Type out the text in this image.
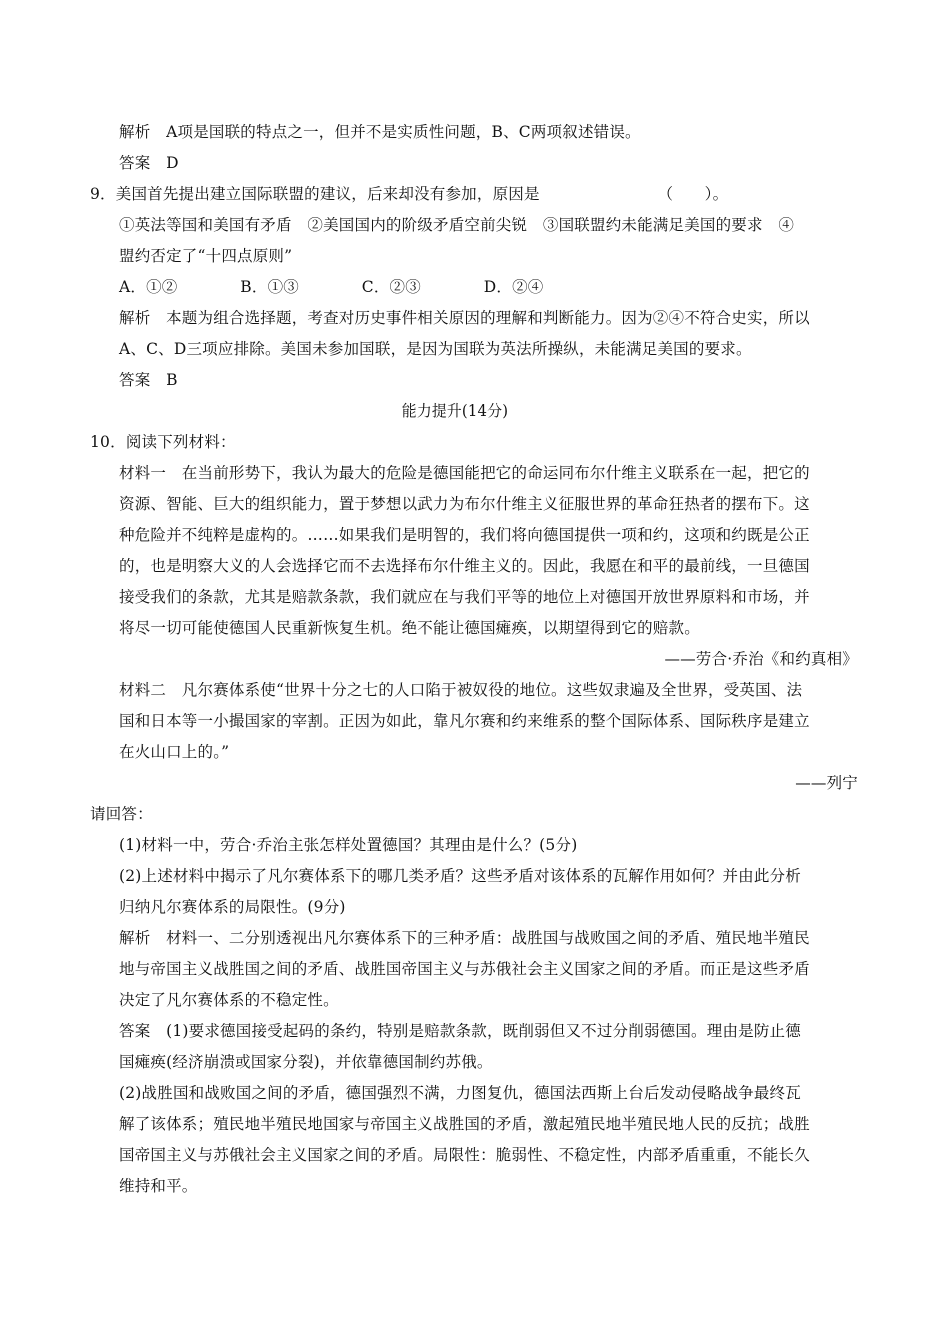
解析　A项是国联的特点之一，但并不是实质性问题，B、C两项叙述错误。
答案　D
9．美国首先提出建立国际联盟的建议，后来却没有参加，原因是　　　　　　　　（　　）。
①英法等国和美国有矛盾　②美国国内的阶级矛盾空前尖锐　③国联盟约未能满足美国的要求　④
盟约否定了“十四点原则”
A．①②　　　　B．①③　　　　C．②③　　　　D．②④
解析　本题为组合选择题，考查对历史事件相关原因的理解和判断能力。因为②④不符合史实，所以
A、C、D三项应排除。美国未参加国联，是因为国联为英法所操纵，未能满足美国的要求。
答案　B
能力提升(14分)
10．阅读下列材料：
材料一　在当前形势下，我认为最大的危险是德国能把它的命运同布尔什维主义联系在一起，把它的
资源、智能、巨大的组织能力，置于梦想以武力为布尔什维主义征服世界的革命狂热者的摆布下。这
种危险并不纯粹是虚构的。……如果我们是明智的，我们将向德国提供一项和约，这项和约既是公正
的，也是明察大义的人会选择它而不去选择布尔什维主义的。因此，我愿在和平的最前线，一旦德国
接受我们的条款，尤其是赔款条款，我们就应在与我们平等的地位上对德国开放世界原料和市场，并
将尽一切可能使德国人民重新恢复生机。绝不能让德国瘫痪，以期望得到它的赔款。
——劳合·乔治《和约真相》
材料二　凡尔赛体系使“世界十分之七的人口陷于被奴役的地位。这些奴隶遍及全世界，受英国、法
国和日本等一小撮国家的宰割。正因为如此，靠凡尔赛和约来维系的整个国际体系、国际秩序是建立
在火山口上的。”
——列宁
请回答：
(1)材料一中，劳合·乔治主张怎样处置德国？其理由是什么？(5分)
(2)上述材料中揭示了凡尔赛体系下的哪几类矛盾？这些矛盾对该体系的瓦解作用如何？并由此分析
归纳凡尔赛体系的局限性。(9分)
解析　材料一、二分别透视出凡尔赛体系下的三种矛盾：战胜国与战败国之间的矛盾、殖民地半殖民
地与帝国主义战胜国之间的矛盾、战胜国帝国主义与苏俄社会主义国家之间的矛盾。而正是这些矛盾
决定了凡尔赛体系的不稳定性。
答案　(1)要求德国接受起码的条约，特别是赔款条款，既削弱但又不过分削弱德国。理由是防止德
国瘫痪(经济崩溃或国家分裂)，并依靠德国制约苏俄。
(2)战胜国和战败国之间的矛盾，德国强烈不满，力图复仇，德国法西斯上台后发动侵略战争最终瓦
解了该体系；殖民地半殖民地国家与帝国主义战胜国的矛盾，激起殖民地半殖民地人民的反抗；战胜
国帝国主义与苏俄社会主义国家之间的矛盾。局限性：脆弱性、不稳定性，内部矛盾重重，不能长久
维持和平。
